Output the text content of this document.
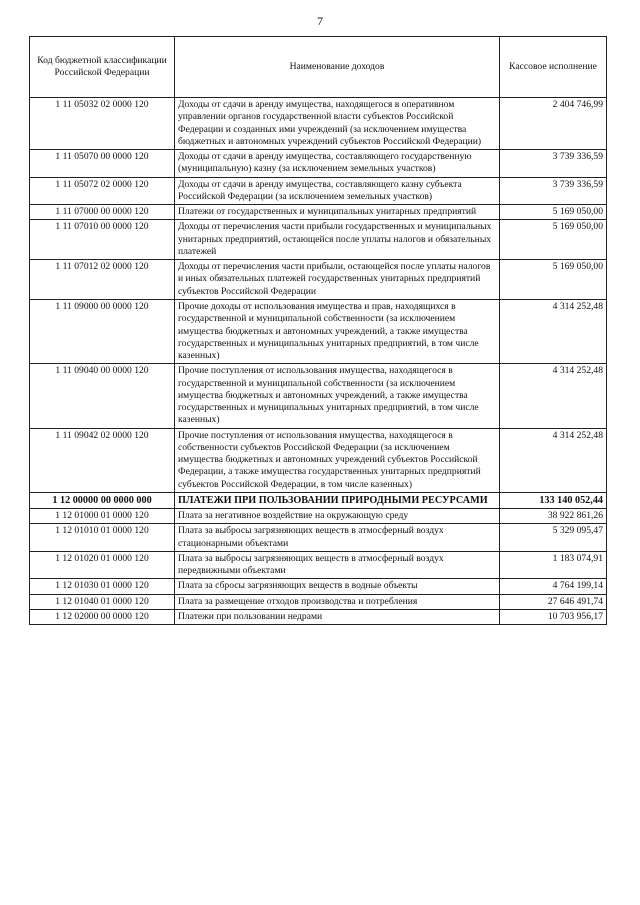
7
Код бюджетной классификации Российской Федерации	Наименование доходов	Кассовое исполнение
1 11 05032 02 0000 120	Доходы от сдачи в аренду имущества, находящегося в оперативном управлении органов государственной власти субъектов Российской Федерации и созданных ими учреждений (за исключением имущества бюджетных и автономных учреждений субъектов Российской Федерации)	2 404 746,99
1 11 05070 00 0000 120	Доходы от сдачи в аренду имущества, составляющего государственную (муниципальную) казну (за исключением земельных участков)	3 739 336,59
1 11 05072 02 0000 120	Доходы от сдачи в аренду имущества, составляющего казну субъекта Российской Федерации (за исключением земельных участков)	3 739 336,59
1 11 07000 00 0000 120	Платежи от государственных и муниципальных унитарных предприятий	5 169 050,00
1 11 07010 00 0000 120	Доходы от перечисления части прибыли государственных и муниципальных унитарных предприятий, остающейся после уплаты налогов и обязательных платежей	5 169 050,00
1 11 07012 02 0000 120	Доходы от перечисления части прибыли, остающейся после уплаты налогов и иных обязательных платежей государственных унитарных предприятий субъектов Российской Федерации	5 169 050,00
1 11 09000 00 0000 120	Прочие доходы от использования имущества и прав, находящихся в государственной и муниципальной собственности (за исключением имущества бюджетных и автономных учреждений, а также имущества государственных и муниципальных унитарных предприятий, в том числе казенных)	4 314 252,48
1 11 09040 00 0000 120	Прочие поступления от использования имущества, находящегося в государственной и муниципальной собственности (за исключением имущества бюджетных и автономных учреждений, а также имущества государственных и муниципальных унитарных предприятий, в том числе казенных)	4 314 252,48
1 11 09042 02 0000 120	Прочие поступления от использования имущества, находящегося в собственности субъектов Российской Федерации (за исключением имущества бюджетных и автономных учреждений субъектов Российской Федерации, а также имущества государственных унитарных предприятий субъектов Российской Федерации, в том числе казенных)	4 314 252,48
1 12 00000 00 0000 000	ПЛАТЕЖИ ПРИ ПОЛЬЗОВАНИИ ПРИРОДНЫМИ РЕСУРСАМИ	133 140 052,44
1 12 01000 01 0000 120	Плата за негативное воздействие на окружающую среду	38 922 861,26
1 12 01010 01 0000 120	Плата за выбросы загрязняющих веществ в атмосферный воздух стационарными объектами	5 329 095,47
1 12 01020 01 0000 120	Плата за выбросы загрязняющих веществ в атмосферный воздух передвижными объектами	1 183 074,91
1 12 01030 01 0000 120	Плата за сбросы загрязняющих веществ в водные объекты	4 764 199,14
1 12 01040 01 0000 120	Плата за размещение отходов производства и потребления	27 646 491,74
1 12 02000 00 0000 120	Платежи при пользовании недрами	10 703 956,17
